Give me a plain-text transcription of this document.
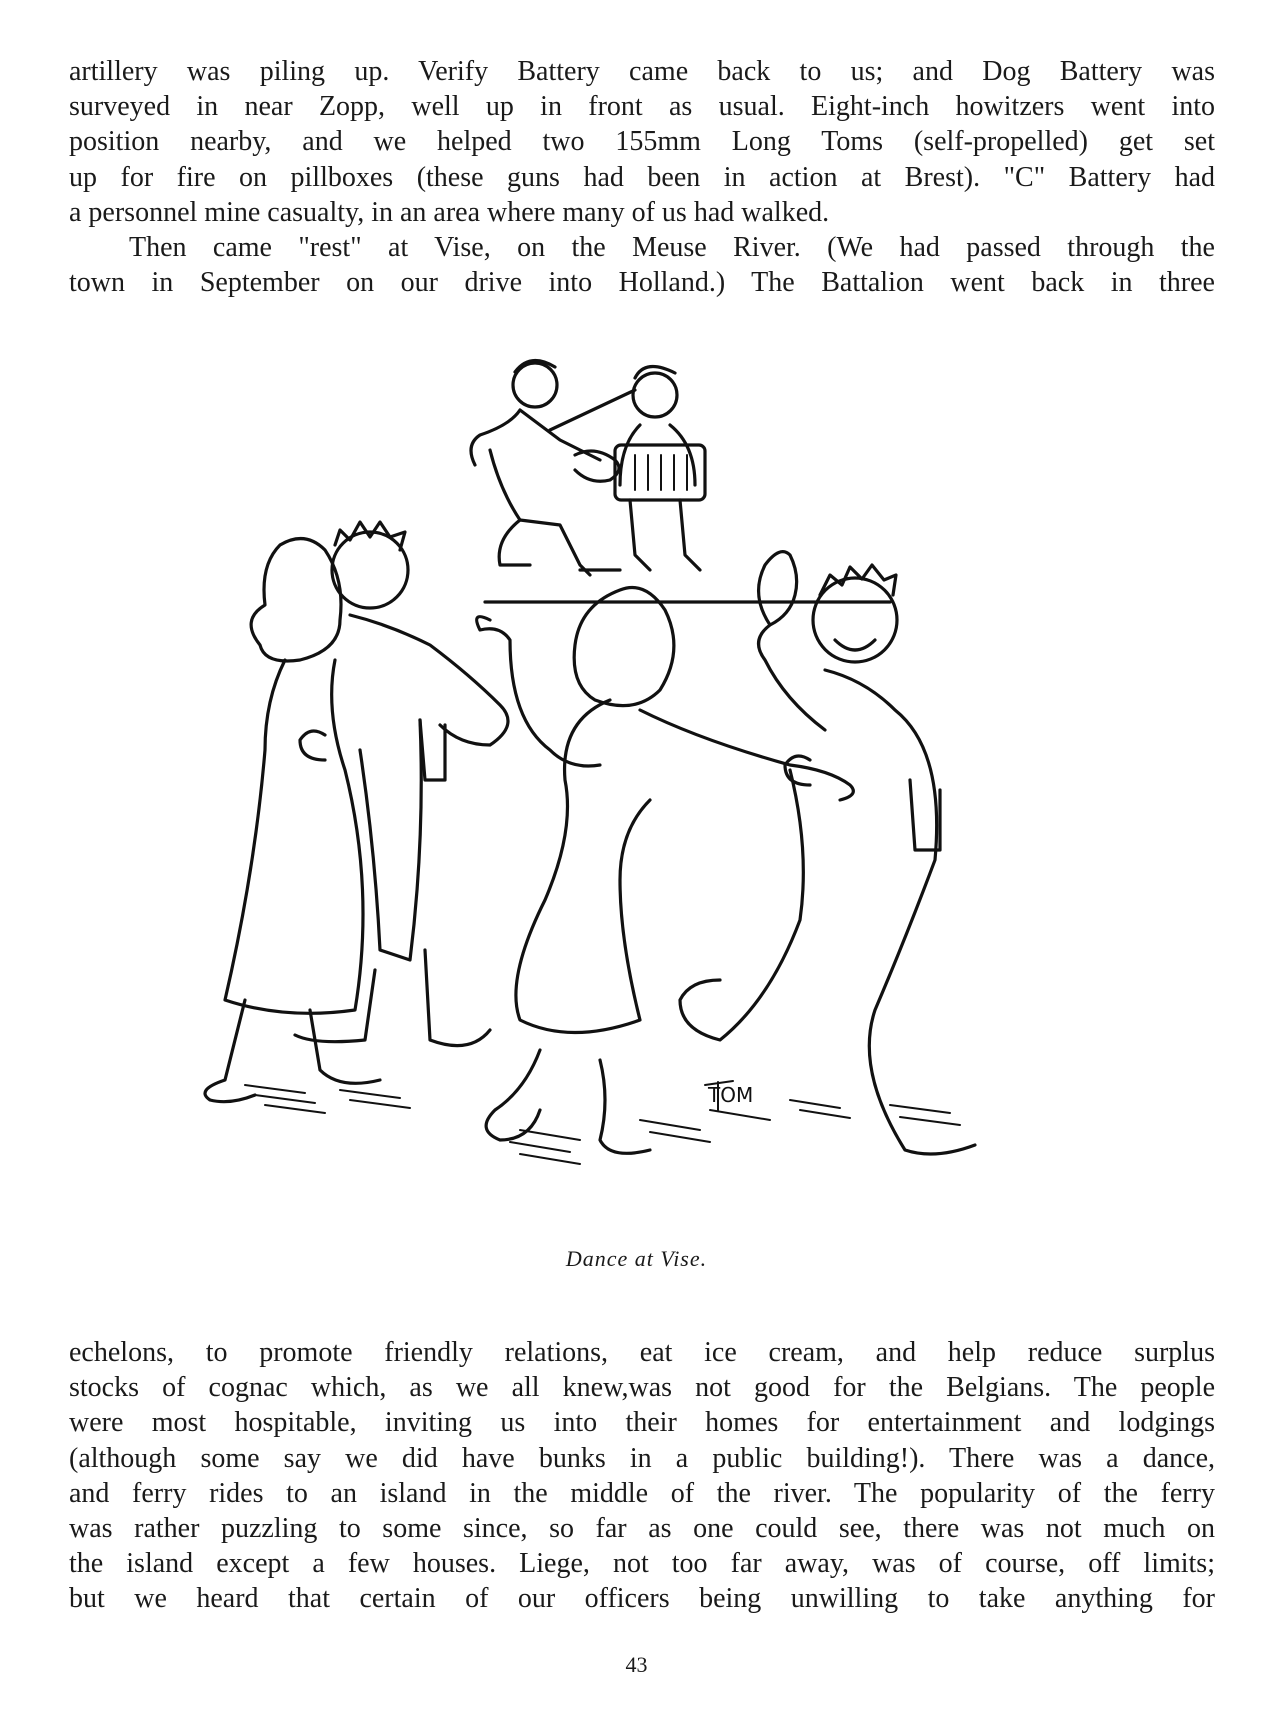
artillery was piling up. Verify Battery came back to us; and Dog Battery was
surveyed in near Zopp, well up in front as usual. Eight-inch howitzers went into
position nearby, and we helped two 155mm Long Toms (self-propelled) get set
up for fire on pillboxes (these guns had been in action at Brest). "C" Battery had
a personnel mine casualty, in an area where many of us had walked.
Then came "rest" at Vise, on the Meuse River. (We had passed through the
town in September on our drive into Holland.) The Battalion went back in three
TOM
Dance at Vise.
echelons, to promote friendly relations, eat ice cream, and help reduce surplus
stocks of cognac which, as we all knew,was not good for the Belgians. The people
were most hospitable, inviting us into their homes for entertainment and lodgings
(although some say we did have bunks in a public building!). There was a dance,
and ferry rides to an island in the middle of the river. The popularity of the ferry
was rather puzzling to some since, so far as one could see, there was not much on
the island except a few houses. Liege, not too far away, was of course, off limits;
but we heard that certain of our officers being unwilling to take anything for
43
